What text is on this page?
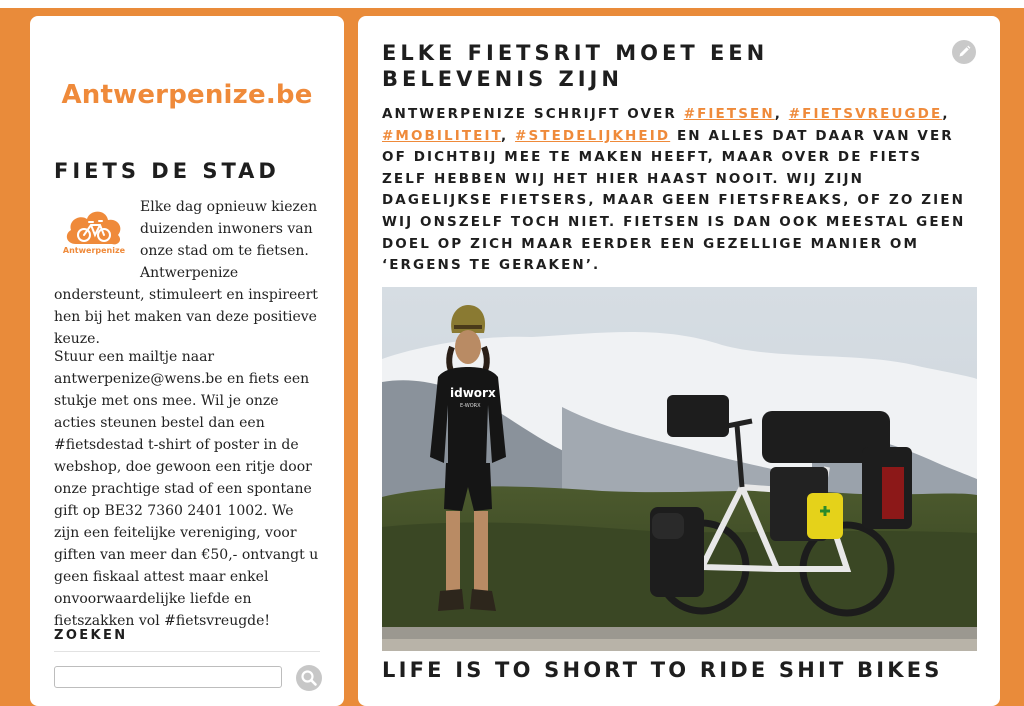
Antwerpenize.be
FIETS DE STAD
Antwerpenize

Elke dag opnieuw kiezen duizenden inwoners van onze stad om te fietsen. Antwerpenize ondersteunt, stimuleert en inspireert hen bij het maken van deze positieve keuze.

Stuur een mailtje naar antwerpenize@wens.be en fiets een stukje met ons mee. Wil je onze acties steunen bestel dan een #fietsdestad t-shirt of poster in de webshop, doe gewoon een ritje door onze prachtige stad of een spontane gift op BE32 7360 2401 1002. We zijn een feitelijke vereniging, voor giften van meer dan €50,- ontvangt u geen fiskaal attest maar enkel onvoorwaardelijke liefde en fietszakken vol #fietsvreugde!

ZOEKEN
ELKE FIETSRIT MOET EEN BELEVENIS ZIJN

ANTWERPENIZE SCHRIJFT OVER #FIETSEN, #FIETSVREUGDE, #MOBILITEIT, #STEDELIJKHEID EN ALLES DAT DAAR VAN VER OF DICHTBIJ MEE TE MAKEN HEEFT, MAAR OVER DE FIETS ZELF HEBBEN WIJ HET HIER HAAST NOOIT. WIJ ZIJN DAGELIJKSE FIETSERS, MAAR GEEN FIETSFREAKS, OF ZO ZIEN WIJ ONSZELF TOCH NIET. FIETSEN IS DAN OOK MEESTAL GEEN DOEL OP ZICH MAAR EERDER EEN GEZELLIGE MANIER OM ‘ERGENS TE GERAKEN’.

idworx
E-WORX
LIFE IS TO SHORT TO RIDE SHIT BIKES
